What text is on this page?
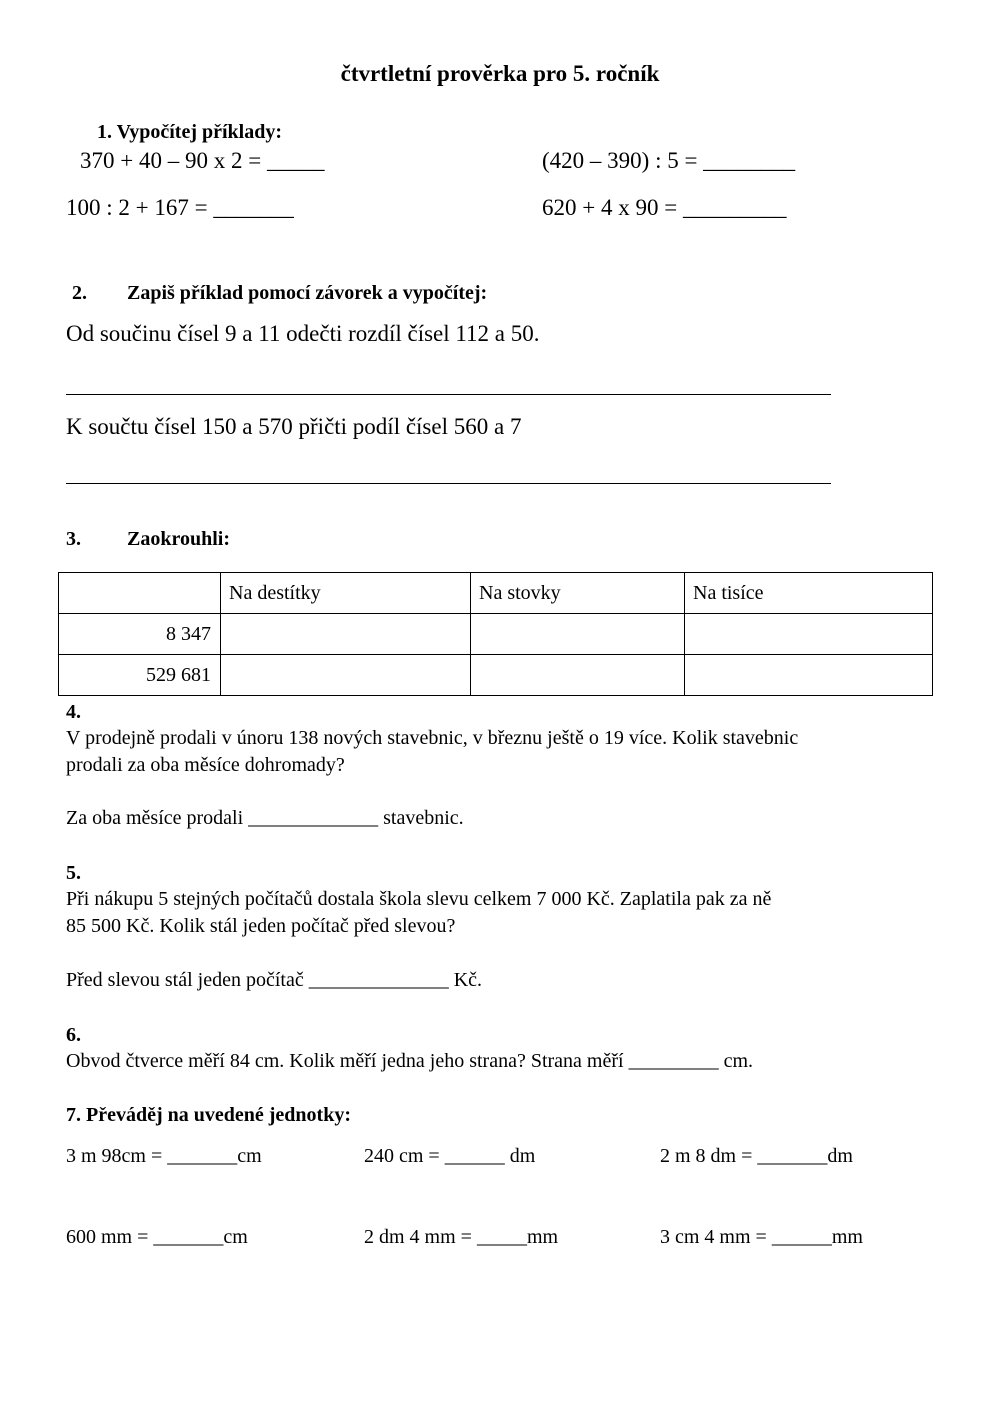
čtvrtletní prověrka pro 5. ročník
1. Vypočítej příklady:
370 + 40 – 90 x 2 = _____	(420 – 390) : 5 = ________
100 : 2 + 167 = _______	620 + 4 x 90 = _________
2. Zapiš příklad pomocí závorek a vypočítej:
Od součinu čísel 9 a 11 odečti rozdíl čísel 112 a 50.
K součtu čísel 150 a 570 přičti podíl čísel 560 a 7
3. Zaokrouhli:
	Na destítky	Na stovky	Na tisíce
8 347			
529 681			
4.
V prodejně prodali v únoru 138 nových stavebnic, v březnu ještě o 19 více. Kolik stavebnic
prodali za oba měsíce dohromady?
Za oba měsíce prodali _____________ stavebnic.
5.
Při nákupu 5 stejných počítačů dostala škola slevu celkem 7 000 Kč. Zaplatila pak za ně
85 500 Kč. Kolik stál jeden počítač před slevou?
Před slevou stál jeden počítač ______________ Kč.
6.
Obvod čtverce měří 84 cm. Kolik měří jedna jeho strana? Strana měří _________ cm.
7. Převáděj na uvedené jednotky:
3 m 98cm = _______cm	240 cm = ______ dm	2 m 8 dm = _______dm
600 mm = _______cm	2 dm 4 mm = _____mm	3 cm 4 mm = ______mm
